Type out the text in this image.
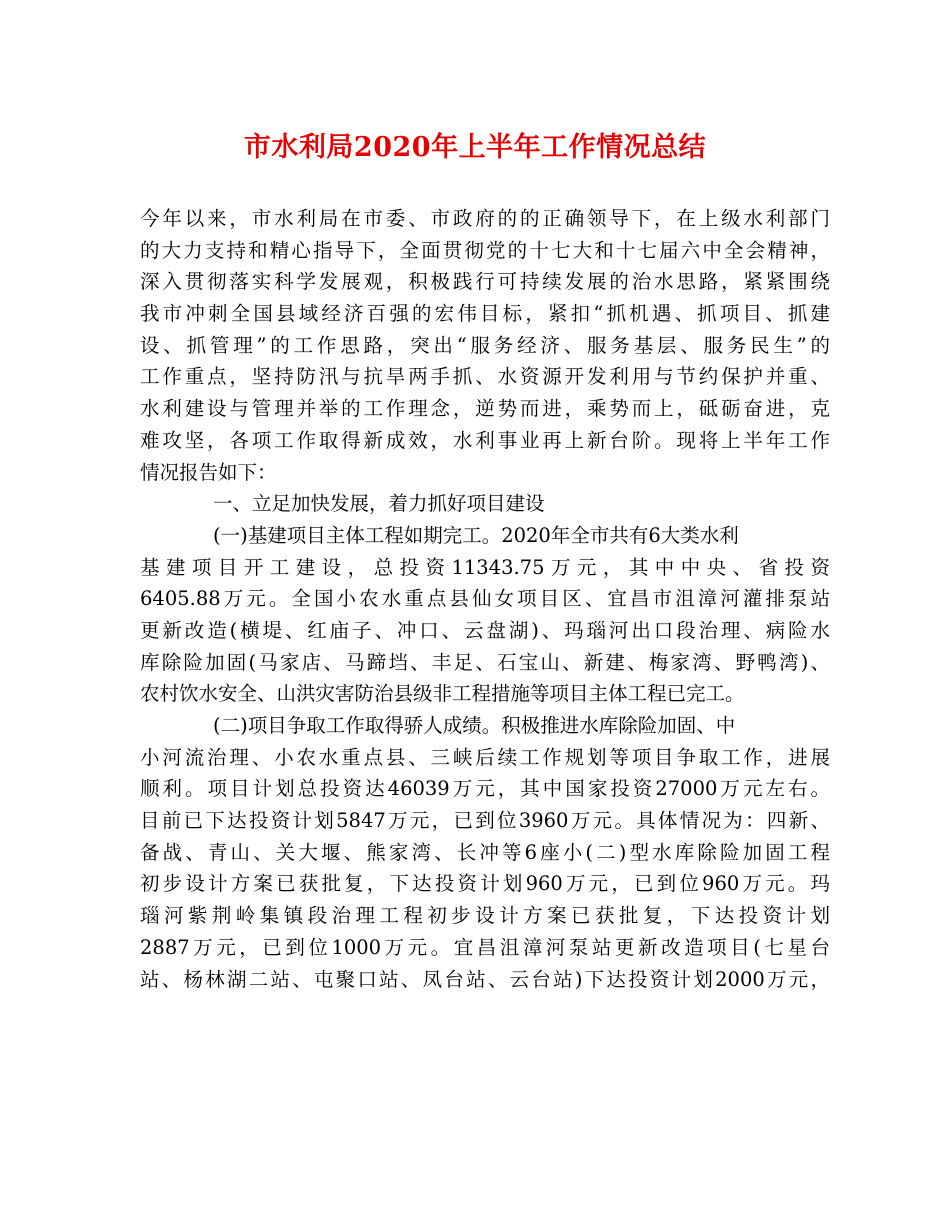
市水利局2020年上半年工作情况总结
今年以来，市水利局在市委、市政府的的正确领导下，在上级水利部门
的大力支持和精心指导下，全面贯彻党的十七大和十七届六中全会精神，
深入贯彻落实科学发展观，积极践行可持续发展的治水思路，紧紧围绕
我市冲刺全国县域经济百强的宏伟目标，紧扣“抓机遇、抓项目、抓建
设、抓管理”的工作思路，突出“服务经济、服务基层、服务民生”的
工作重点，坚持防汛与抗旱两手抓、水资源开发利用与节约保护并重、
水利建设与管理并举的工作理念，逆势而进，乘势而上，砥砺奋进，克
难攻坚，各项工作取得新成效，水利事业再上新台阶。现将上半年工作
情况报告如下：
一、立足加快发展，着力抓好项目建设
(一)基建项目主体工程如期完工。2020年全市共有6大类水利
基建项目开工建设，总投资11343.75万元，其中中央、省投资
6405.88万元。全国小农水重点县仙女项目区、宜昌市沮漳河灌排泵站
更新改造(横堤、红庙子、冲口、云盘湖)、玛瑙河出口段治理、病险水
库除险加固(马家店、马蹄垱、丰足、石宝山、新建、梅家湾、野鸭湾)、
农村饮水安全、山洪灾害防治县级非工程措施等项目主体工程已完工。
(二)项目争取工作取得骄人成绩。积极推进水库除险加固、中
小河流治理、小农水重点县、三峡后续工作规划等项目争取工作，进展
顺利。项目计划总投资达46039万元，其中国家投资27000万元左右。
目前已下达投资计划5847万元，已到位3960万元。具体情况为：四新、
备战、青山、关大堰、熊家湾、长冲等6座小(二)型水库除险加固工程
初步设计方案已获批复，下达投资计划960万元，已到位960万元。玛
瑙河紫荆岭集镇段治理工程初步设计方案已获批复，下达投资计划
2887万元，已到位1000万元。宜昌沮漳河泵站更新改造项目(七星台
站、杨林湖二站、屯聚口站、凤台站、云台站)下达投资计划2000万元，
